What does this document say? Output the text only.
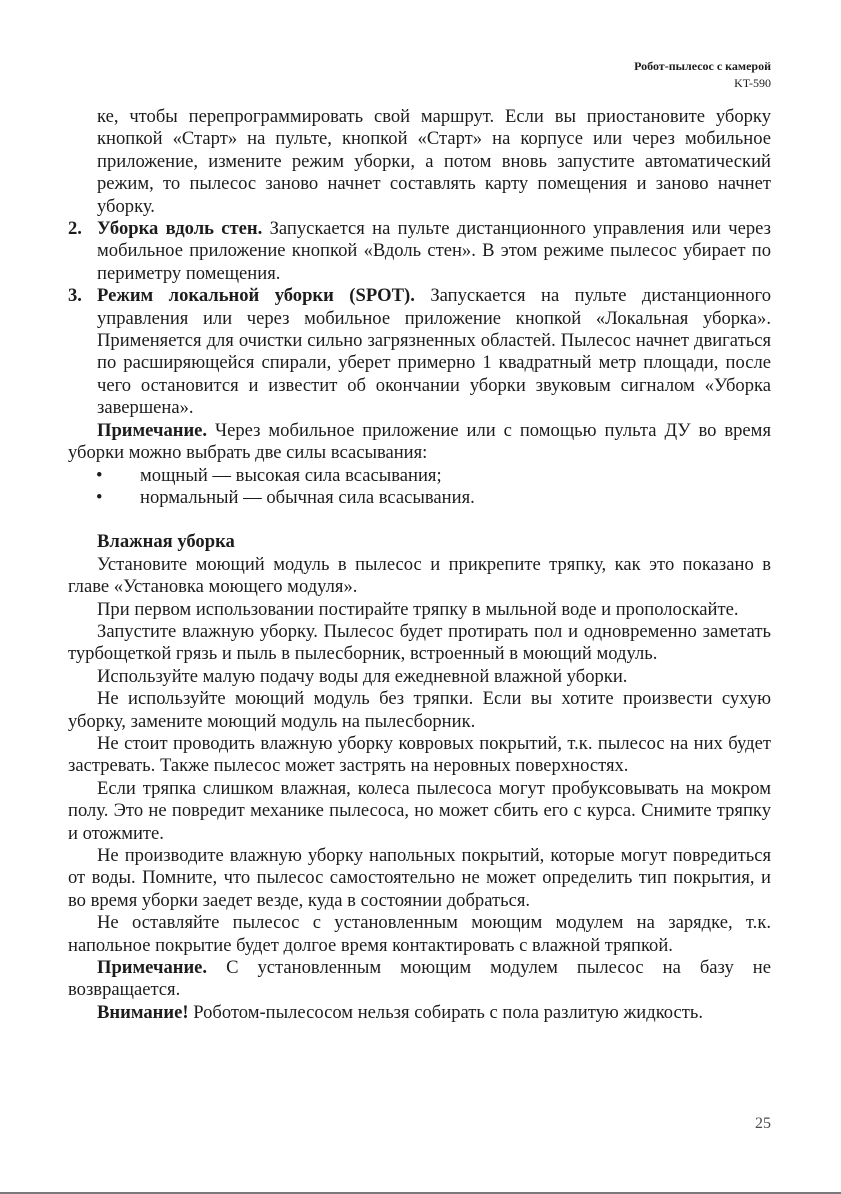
Робот-пылесос с камерой
KT-590

ке, чтобы перепрограммировать свой маршрут. Если вы приостановите уборку кнопкой «Старт» на пульте, кнопкой «Старт» на корпусе или через мобильное приложение, измените режим уборки, а потом вновь запустите автоматический режим, то пылесос заново начнет составлять карту помещения и заново начнет уборку.

2. Уборка вдоль стен. Запускается на пульте дистанционного управления или через мобильное приложение кнопкой «Вдоль стен». В этом режиме пылесос убирает по периметру помещения.
3. Режим локальной уборки (SPOT). Запускается на пульте дистанционного управления или через мобильное приложение кнопкой «Локальная уборка». Применяется для очистки сильно загрязненных областей. Пылесос начнет двигаться по расширяющейся спирали, уберет примерно 1 квадратный метр площади, после чего остановится и известит об окончании уборки звуковым сигналом «Уборка завершена».

Примечание. Через мобильное приложение или с помощью пульта ДУ во время уборки можно выбрать две силы всасывания:

•	мощный — высокая сила всасывания;
•	нормальный — обычная сила всасывания.

Влажная уборка

Установите моющий модуль в пылесос и прикрепите тряпку, как это показано в главе «Установка моющего модуля».

При первом использовании постирайте тряпку в мыльной воде и прополоскайте.

Запустите влажную уборку. Пылесос будет протирать пол и одновременно заметать турбощеткой грязь и пыль в пылесборник, встроенный в моющий модуль.

Используйте малую подачу воды для ежедневной влажной уборки.

Не используйте моющий модуль без тряпки. Если вы хотите произвести сухую уборку, замените моющий модуль на пылесборник.

Не стоит проводить влажную уборку ковровых покрытий, т.к. пылесос на них будет застревать. Также пылесос может застрять на неровных поверхностях.

Если тряпка слишком влажная, колеса пылесоса могут пробуксовывать на мокром полу. Это не повредит механике пылесоса, но может сбить его с курса. Снимите тряпку и отожмите.

Не производите влажную уборку напольных покрытий, которые могут повредиться от воды. Помните, что пылесос самостоятельно не может определить тип покрытия, и во время уборки заедет везде, куда в состоянии добраться.

Не оставляйте пылесос с установленным моющим модулем на зарядке, т.к. напольное покрытие будет долгое время контактировать с влажной тряпкой.

Примечание. С установленным моющим модулем пылесос на базу не возвращается.

Внимание! Роботом-пылесосом нельзя собирать с пола разлитую жидкость.

25
